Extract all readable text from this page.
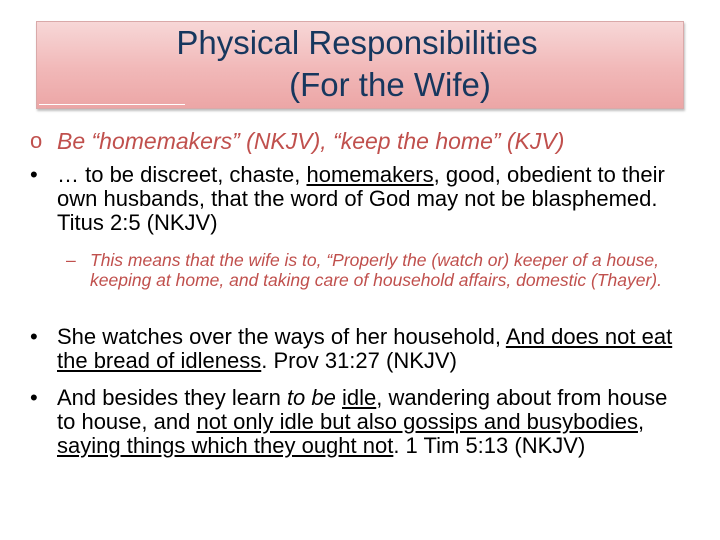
Physical Responsibilities
(For the Wife)
o Be “homemakers” (NKJV), “keep the home” (KJV)
• … to be discreet, chaste, homemakers, good, obedient to their own husbands, that the word of God may not be blasphemed. Titus 2:5 (NKJV)
– This means that the wife is to, “Properly the (watch or) keeper of a house, keeping at home, and taking care of household affairs, domestic (Thayer).
• She watches over the ways of her household, And does not eat the bread of idleness. Prov 31:27 (NKJV)
• And besides they learn to be idle, wandering about from house to house, and not only idle but also gossips and busybodies, saying things which they ought not. 1 Tim 5:13 (NKJV)
